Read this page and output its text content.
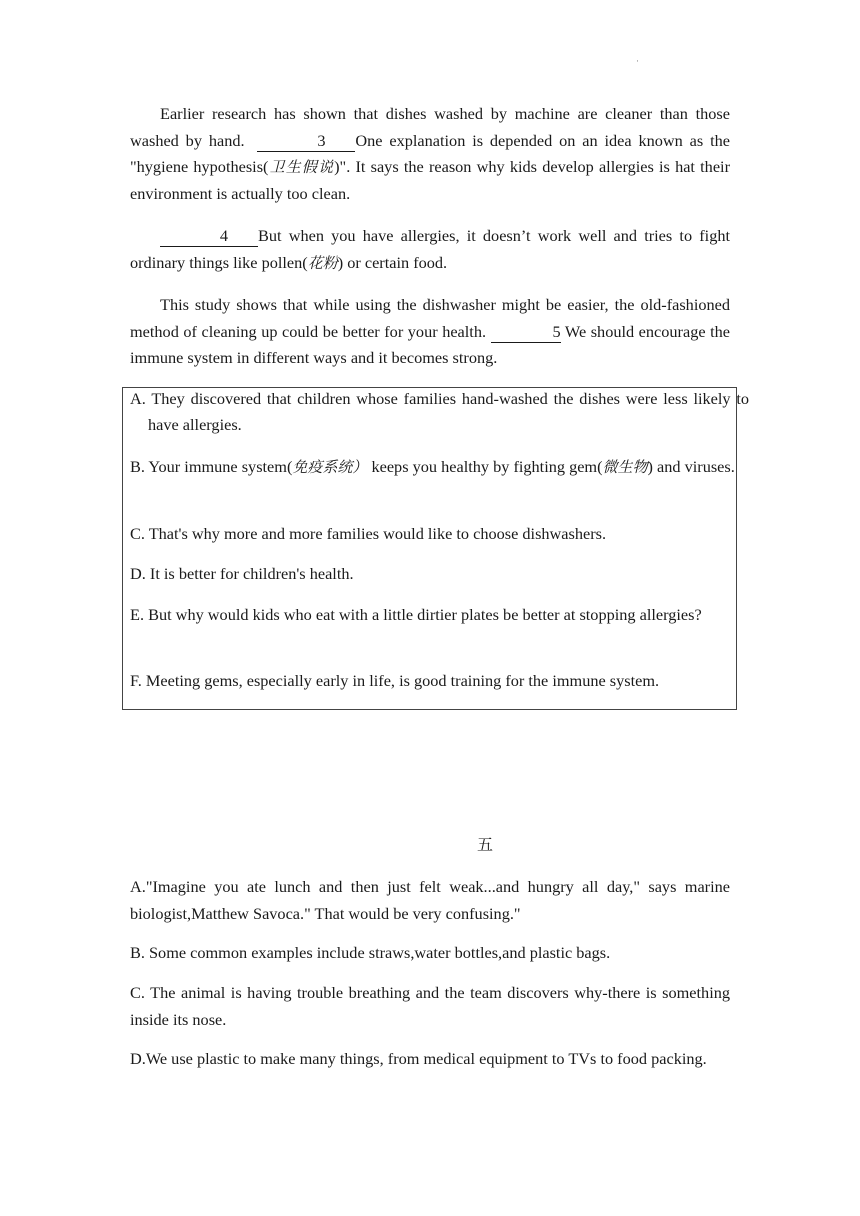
·

Earlier research has shown that dishes washed by machine are cleaner than those washed by hand.	3 One explanation is depended on an idea known as the "hygiene hypothesis(卫生假说)". It says the reason why kids develop allergies is hat their environment is actually too clean.

4 But when you have allergies, it doesn’t work well and tries to fight ordinary things like pollen(花粉) or certain food.

This study shows that while using the dishwasher might be easier, the old-fashioned method of cleaning up could be better for your health.	5 We should encourage the immune system in different ways and it becomes strong.

A. They discovered that children whose families hand-washed the dishes were less likely to have allergies.

B. Your immune system(免疫系统） keeps you healthy by fighting gem(微生物) and viruses.

C. That's why more and more families would like to choose dishwashers.

D. It is better for children's health.

E. But why would kids who eat with a little dirtier plates be better at stopping allergies?

F. Meeting gems, especially early in life, is good training for the immune system.

五

A."Imagine you ate lunch and then just felt weak...and hungry all day," says marine biologist,Matthew Savoca." That would be very confusing."

B. Some common examples include straws,water bottles,and plastic bags.

C. The animal is having trouble breathing and the team discovers why-there is something inside its nose.

D.We use plastic to make many things, from medical equipment to TVs to food packing.
